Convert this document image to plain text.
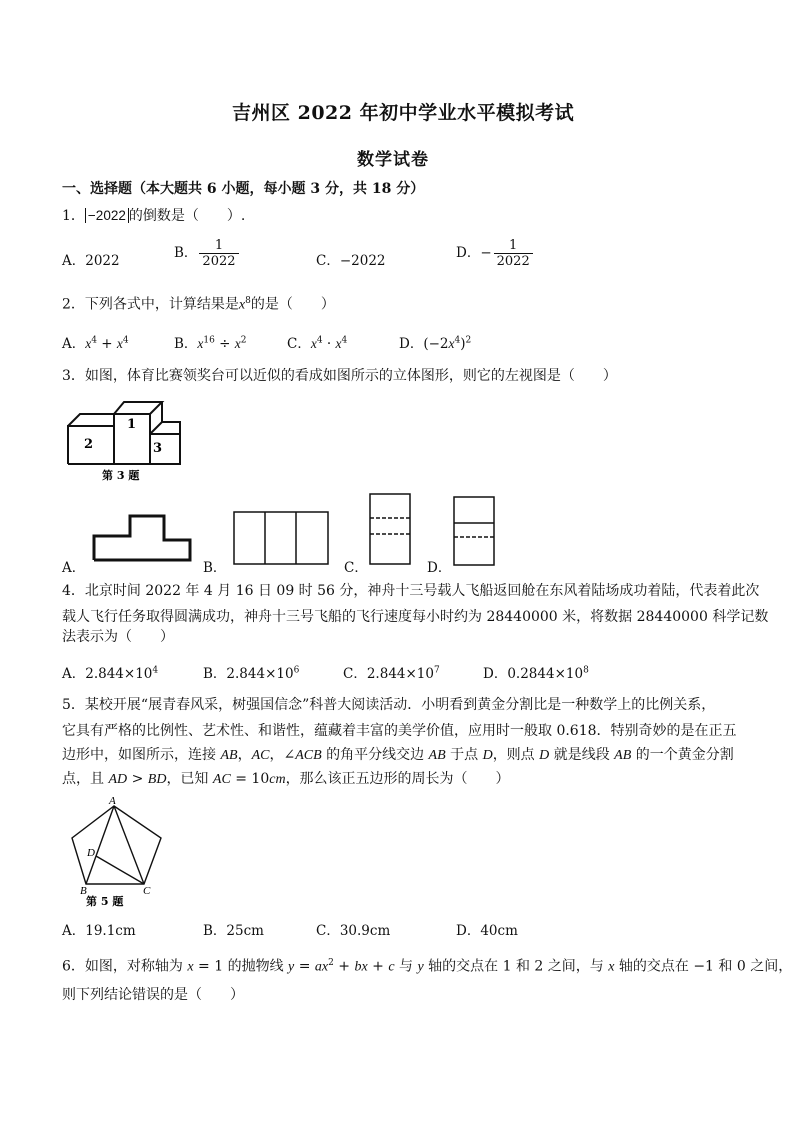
吉州区 2022 年初中学业水平模拟考试
数学试卷
一、选择题（本大题共 6 小题，每小题 3 分，共 18 分）
1． −2022 的倒数是（　　）.
A．2022	B． $\frac{1}{2022}$	C．−2022	D．− $\frac{1}{2022}$
2．下列各式中，计算结果是$x^8$的是（　　）
A．$x^4 + x^4$	B．$x^{16} \div x^2$	C．$x^4 \cdot x^4$	D．$(-2x^4)^2$
3．如图，体育比赛领奖台可以近似的看成如图所示的立体图形，则它的左视图是（　　）
1
2	3
第 3 题
A．	B．	C．	D．
4．北京时间 2022 年 4 月 16 日 09 时 56 分，神舟十三号载人飞船返回舱在东风着陆场成功着陆，代表着此次
载人飞行任务取得圆满成功，神舟十三号飞船的飞行速度每小时约为 28440000 米，将数据 28440000 科学记数
法表示为（　　）
A．$2.844\times 10^4$	B．$2.844\times 10^6$	C．$2.844\times 10^7$	D．$0.2844\times 10^8$
5．某校开展“展青春风采，树强国信念”科普大阅读活动．小明看到黄金分割比是一种数学上的比例关系，
它具有严格的比例性、艺术性、和谐性，蕴藏着丰富的美学价值，应用时一般取 0.618．特别奇妙的是在正五
边形中，如图所示，连接 AB，AC，∠ACB 的角平分线交边 AB 于点 D，则点 D 就是线段 AB 的一个黄金分割
点，且 AD > BD，已知 AC = 10cm，那么该正五边形的周长为（　　）
A
D
B	C
第 5 题
A．19.1cm	B．25cm	C．30.9cm	D．40cm
6．如图，对称轴为 x = 1 的抛物线 $y = ax^2$ + bx + c 与 y 轴的交点在 1 和 2 之间，与 x 轴的交点在 −1 和 0 之间，
则下列结论错误的是（　　）
